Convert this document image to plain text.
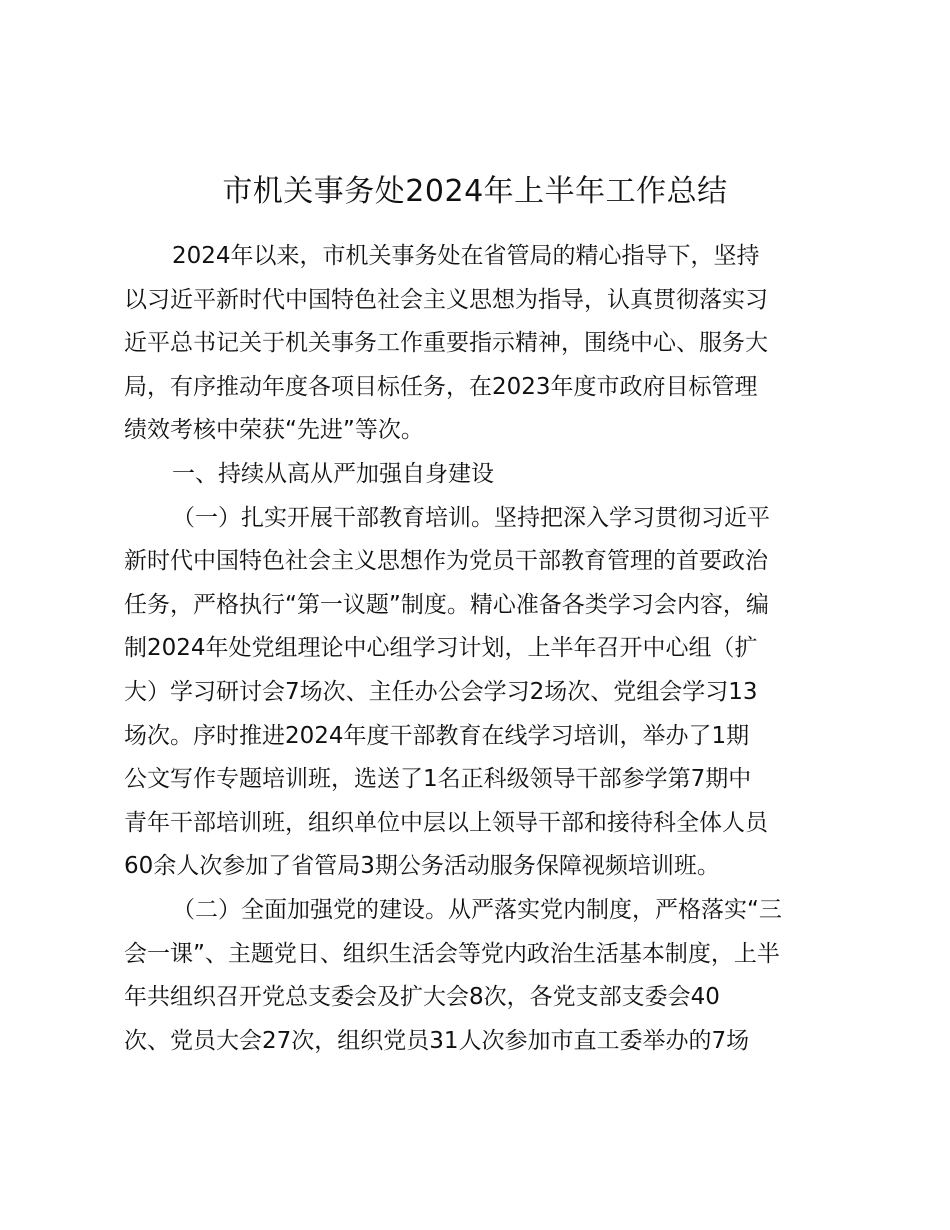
市机关事务处2024年上半年工作总结

2024年以来，市机关事务处在省管局的精心指导下，坚持
以习近平新时代中国特色社会主义思想为指导，认真贯彻落实习
近平总书记关于机关事务工作重要指示精神，围绕中心、服务大
局，有序推动年度各项目标任务，在2023年度市政府目标管理
绩效考核中荣获“先进”等次。

一、持续从高从严加强自身建设

（一）扎实开展干部教育培训。坚持把深入学习贯彻习近平
新时代中国特色社会主义思想作为党员干部教育管理的首要政治
任务，严格执行“第一议题”制度。精心准备各类学习会内容，编
制2024年处党组理论中心组学习计划，上半年召开中心组（扩
大）学习研讨会7场次、主任办公会学习2场次、党组会学习13
场次。序时推进2024年度干部教育在线学习培训，举办了1期
公文写作专题培训班，选送了1名正科级领导干部参学第7期中
青年干部培训班，组织单位中层以上领导干部和接待科全体人员
60余人次参加了省管局3期公务活动服务保障视频培训班。

（二）全面加强党的建设。从严落实党内制度，严格落实“三
会一课”、主题党日、组织生活会等党内政治生活基本制度，上半
年共组织召开党总支委会及扩大会8次，各党支部支委会40
次、党员大会27次，组织党员31人次参加市直工委举办的7场
